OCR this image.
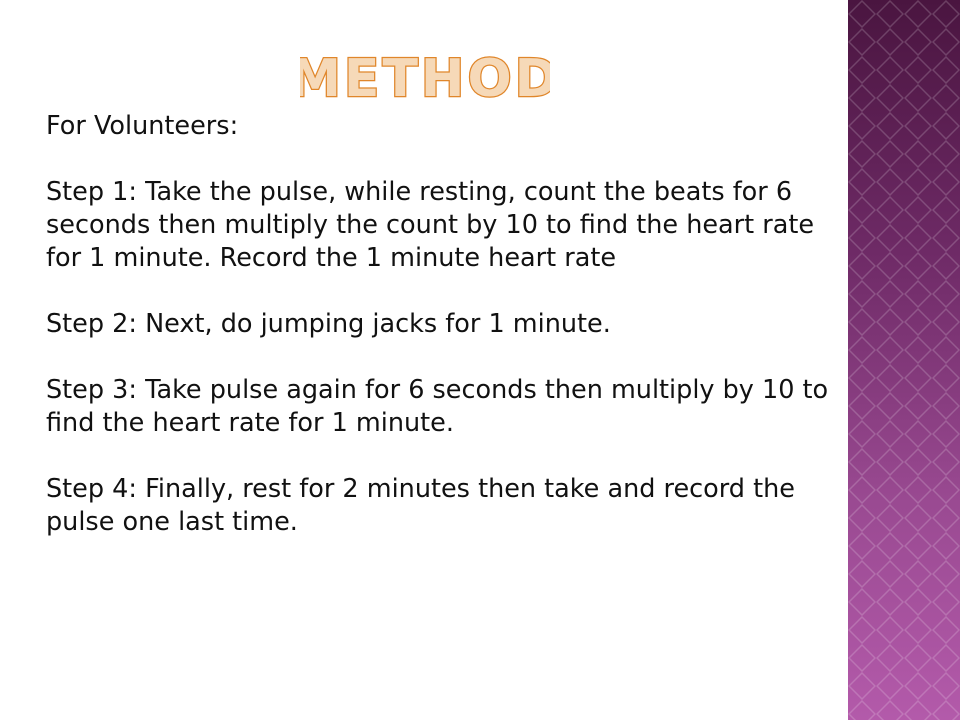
METHOD

For Volunteers:

Step 1: Take the pulse, while resting, count the beats for 6 seconds then multiply the count by 10 to find the heart rate for 1 minute. Record the 1 minute heart rate

Step 2: Next, do jumping jacks for 1 minute.

Step 3: Take pulse again for 6 seconds then multiply by 10 to find the heart rate for 1 minute.

Step 4: Finally, rest for 2 minutes then take and record the pulse one last time.
